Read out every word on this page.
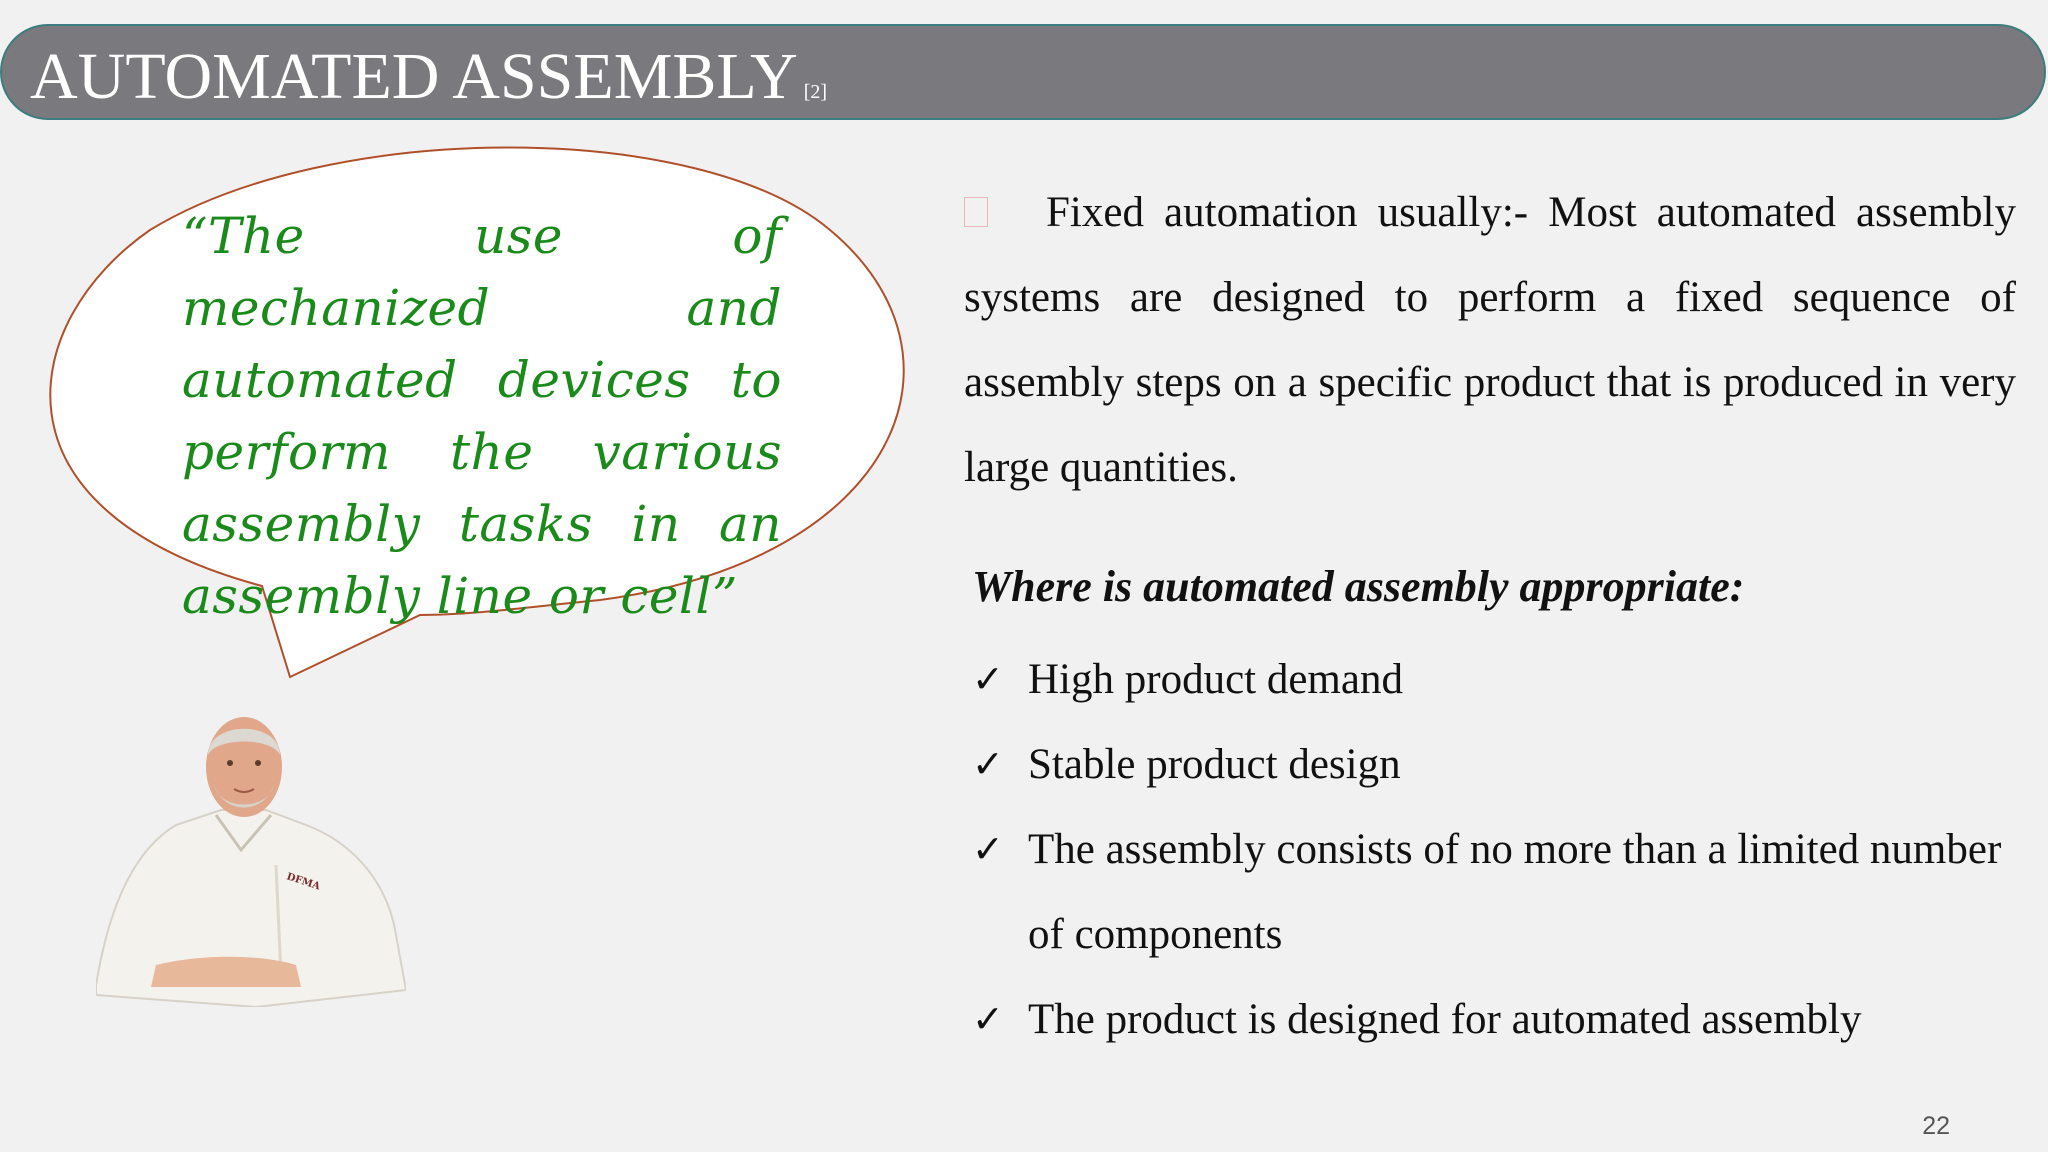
AUTOMATED ASSEMBLY [2]
“The use of mechanized and automated devices to perform the various assembly tasks in an assembly line or cell”
DFMA
Fixed automation usually:- Most automated assembly systems are designed to perform a fixed sequence of assembly steps on a specific product that is produced in very large quantities.
Where is automated assembly appropriate:
✓ High product demand
✓ Stable product design
✓ The assembly consists of no more than a limited number of components
✓ The product is designed for automated assembly
22
